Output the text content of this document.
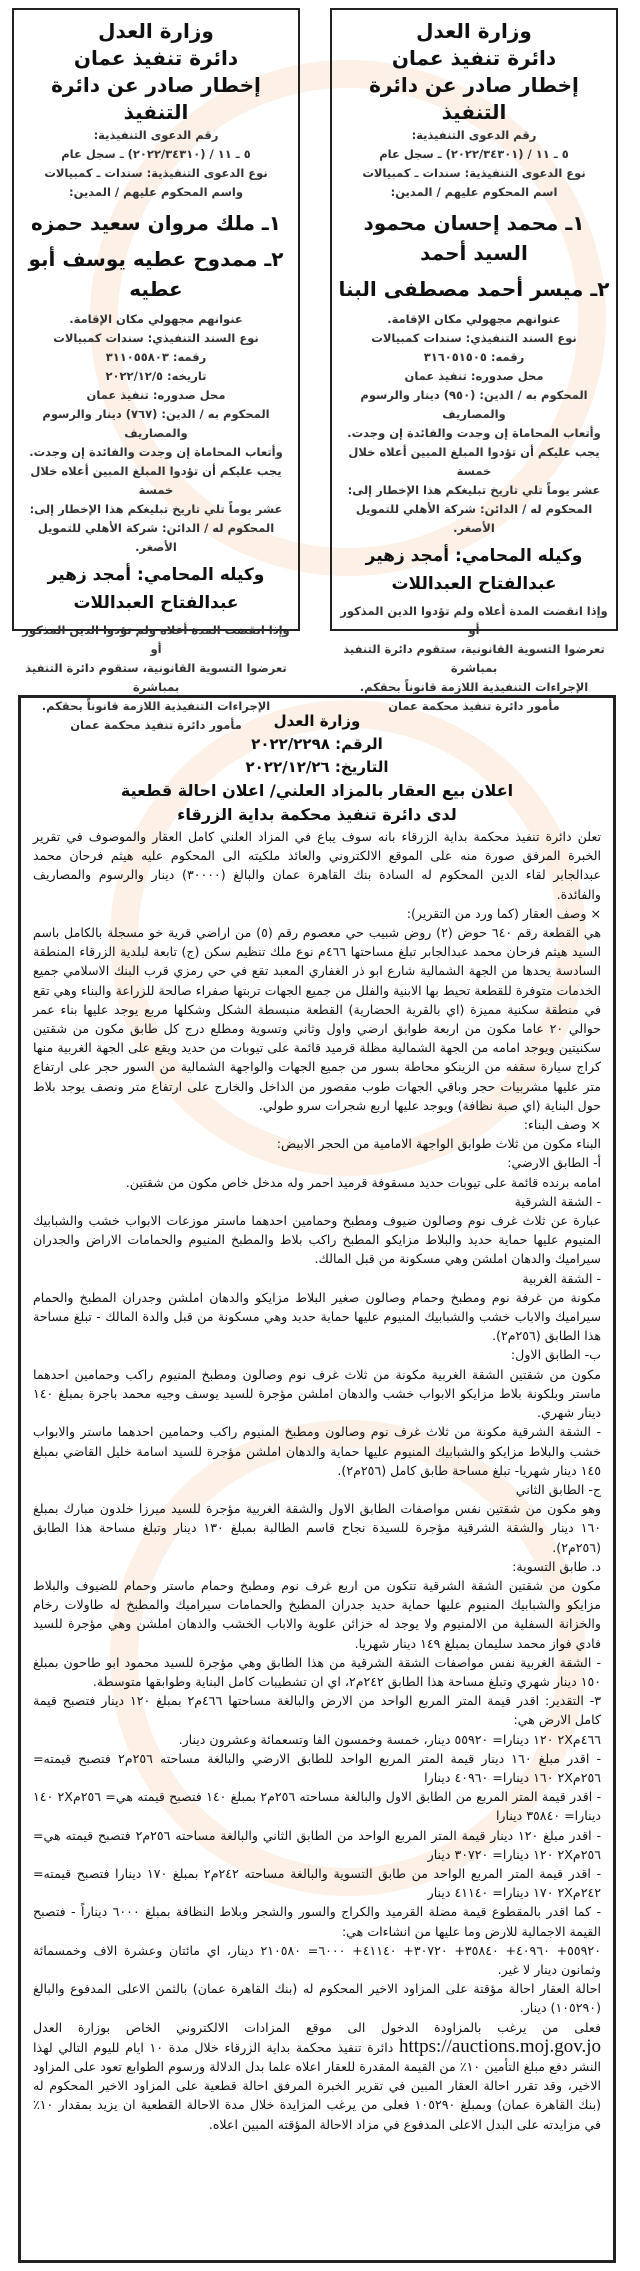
وزارة العدل
دائرة تنفيذ عمان
إخطار صادر عن دائرة التنفيذ
رقم الدعوى التنفيذية:
٥ ـ ١١ / (٢٠٢٢/٣٤٣٠١) ـ سجل عام
نوع الدعوى التنفيذية: سندات ـ كمبيالات
اسم المحكوم عليهم / المدين:
١ـ محمد إحسان محمود السيد أحمد
٢ـ ميسر أحمد مصطفى البنا
عنوانهم مجهولي مكان الإقامة.
نوع السند التنفيذي: سندات كمبيالات
رقمه: ٣١٦٠٥١٥٠٥
محل صدوره: تنفيذ عمان
المحكوم به / الدين: (٩٥٠) دينار والرسوم والمصاريف
وأتعاب المحاماة إن وجدت والفائدة إن وجدت.
يجب عليكم أن تؤدوا المبلغ المبين أعلاه خلال خمسة
عشر يوماً تلي تاريخ تبليغكم هذا الإخطار إلى:
المحكوم له / الدائن: شركة الأهلي للتمويل الأصغر.
وكيله المحامي: أمجد زهير عبدالفتاح العبداللات
وإذا انقضت المدة أعلاه ولم تؤدوا الدين المذكور أو
تعرضوا التسوية القانونية، ستقوم دائرة التنفيذ بمباشرة
الإجراءات التنفيذية اللازمة قانوناً بحقكم.
مأمور دائرة تنفيذ محكمة عمان
وزارة العدل
دائرة تنفيذ عمان
إخطار صادر عن دائرة التنفيذ
رقم الدعوى التنفيذية:
٥ ـ ١١ / (٢٠٢٢/٣٤٣١٠) ـ سجل عام
نوع الدعوى التنفيذية: سندات ـ كمبيالات
واسم المحكوم عليهم / المدين:
١ـ ملك مروان سعيد حمزه
٢ـ ممدوح عطيه يوسف أبو عطيه
عنوانهم مجهولي مكان الإقامة.
نوع السند التنفيذي: سندات كمبيالات
رقمه: ٣١١٠٥٥٨٠٣
تاريخه: ٢٠٢٢/١٢/٥
محل صدوره: تنفيذ عمان
المحكوم به / الدين: (٧٦٧) دينار والرسوم والمصاريف
وأتعاب المحاماة إن وجدت والفائدة إن وجدت.
يجب عليكم أن تؤدوا المبلغ المبين أعلاه خلال خمسة
عشر يوماً تلي تاريخ تبليغكم هذا الإخطار إلى:
المحكوم له / الدائن: شركة الأهلي للتمويل الأصغر.
وكيله المحامي: أمجد زهير عبدالفتاح العبداللات
وإذا انقضت المدة أعلاه ولم تؤدوا الدين المذكور أو
تعرضوا التسوية القانونية، ستقوم دائرة التنفيذ بمباشرة
الإجراءات التنفيذية اللازمة قانوناً بحقكم.
مأمور دائرة تنفيذ محكمة عمان	وزارة العدل
الرقم: ٢٠٢٢/٢٢٩٨
التاريخ: ٢٠٢٢/١٢/٢٦
اعلان بيع العقار بالمزاد العلني/ اعلان احالة قطعية
لدى دائرة تنفيذ محكمة بداية الزرقاء

تعلن دائرة تنفيذ محكمة بداية الزرقاء بانه سوف يباع في المزاد العلني كامل العقار والموصوف في تقرير الخبرة المرفق صورة منه على الموقع الالكتروني والعائد ملكيته الى المحكوم عليه هيثم فرحان محمد عبدالجابر لقاء الدين المحكوم له السادة بنك القاهرة عمان والبالغ (٣٠٠٠٠) دينار والرسوم والمصاريف والفائدة.

× وصف العقار (كما ورد من التقرير):

هي القطعة رقم ٦٤٠ حوض (٢) روض شبيب حي معصوم رقم (٥) من اراضي قرية خو مسجلة بالكامل باسم السيد هيثم فرحان محمد عبدالجابر تبلغ مساحتها ٤٦٦م نوع ملك تنظيم سكن (ج) تابعة لبلدية الزرقاء المنطقة السادسة يحدها من الجهة الشمالية شارع ابو ذر الغفاري المعبد تقع في حي رمزي قرب البنك الاسلامي جميع الخدمات متوفرة للقطعة تحيط بها الابنية والفلل من جميع الجهات تربتها صفراء صالحة للزراعة والبناء وهي تقع في منطقة سكنية مميزة (اي بالقرية الحضارية) القطعة منبسطة الشكل وشكلها مربع يوجد عليها بناء عمر حوالي ٢٠ عاما مكون من اربعة طوابق ارضي واول وثاني وتسوية ومطلع درج كل طابق مكون من شقتين سكنيتين ويوجد امامه من الجهة الشمالية مظلة قرميد قائمة على تيوبات من حديد ويقع على الجهة الغربية منها كراج سيارة سقفه من الزينكو محاطة بسور من جميع الجهات والواجهة الشمالية من السور حجر على ارتفاع متر عليها مشربيات حجر وباقي الجهات طوب مقصور من الداخل والخارج على ارتفاع متر ونصف يوجد بلاط حول البناية (اي صبة نظافة) ويوجد عليها اربع شجرات سرو طولي.

× وصف البناء:

البناء مكون من ثلاث طوابق الواجهة الامامية من الحجر الابيض:

أ- الطابق الارضي:

امامه برنده قائمة على تيوبات حديد مسقوفة قرميد احمر وله مدخل خاص مكون من شقتين.

- الشقة الشرقية

عبارة عن ثلاث غرف نوم وصالون ضيوف ومطبخ وحمامين احدهما ماستر موزعات الابواب خشب والشبابيك المنيوم عليها حماية حديد والبلاط مزايكو المطبخ راكب بلاط والمطبخ المنيوم والحمامات الاراض والجدران سيراميك والدهان املشن وهي مسكونة من قبل المالك.

- الشقة الغربية

مكونة من غرفة نوم ومطبخ وحمام وصالون صغير البلاط مزايكو والدهان املشن وجدران المطبخ والحمام سيراميك والاباب خشب والشبابيك المنيوم عليها حماية حديد وهي مسكونة من قبل والدة المالك - تبلغ مساحة هذا الطابق (٢٥٦م٢).

ب- الطابق الاول:

مكون من شقتين الشقة الغربية مكونة من ثلاث غرف نوم وصالون ومطبخ المنيوم راكب وحمامين احدهما ماستر وبلكونة بلاط مزايكو الابواب خشب والدهان املشن مؤجرة للسيد يوسف وجيه محمد باجرة بمبلغ ١٤٠ دينار شهري.

- الشقة الشرقية مكونة من ثلاث غرف نوم وصالون ومطبخ المنيوم راكب وحمامين احدهما ماستر والابواب خشب والبلاط مزايكو والشبابيك المنيوم عليها حماية والدهان املشن مؤجرة للسيد اسامة خليل القاضي بمبلغ ١٤٥ دينار شهريا- تبلغ مساحة طابق كامل (٢٥٦م٢).

ج- الطابق الثاني

وهو مكون من شقتين نفس مواصفات الطابق الاول والشقة الغربية مؤجرة للسيد ميرزا خلدون مبارك بمبلغ ١٦٠ دينار والشقة الشرقية مؤجرة للسيدة نجاح قاسم الطالبة بمبلغ ١٣٠ دينار وتبلغ مساحة هذا الطابق (٢٥٦م٢).

د. طابق التسوية:

مكون من شقتين الشقة الشرقية تتكون من اربع غرف نوم ومطبخ وحمام ماستر وحمام للضيوف والبلاط مزايكو والشبابيك المنيوم عليها حماية حديد جدران المطبخ والحمامات سيراميك والمطبخ له طاولات رخام والخزانة السفلية من الالمنيوم ولا يوجد له خزائن علوية والاباب الخشب والدهان املشن وهي مؤجرة للسيد فادي فواز محمد سليمان بمبلغ ١٤٩ دينار شهريا.

- الشقة الغربية نفس مواصفات الشقة الشرقية من هذا الطابق وهي مؤجرة للسيد محمود ابو طاحون بمبلغ ١٥٠ دينار شهري وتبلغ مساحة هذا الطابق ٢٤٢م٢، اي ان تشطيبات كامل البناية وطوابقها متوسطة.

٣- التقدير: اقدر قيمة المتر المربع الواحد من الارض والبالغة مساحتها ٤٦٦م٢ بمبلغ ١٢٠ دينار فتصبح قيمة كامل الارض هي:

٤٦٦م٢X ١٢٠ دينارا= ٥٥٩٢٠ دينار، خمسة وخمسون الفا وتسعمائة وعشرون دينار.

- اقدر مبلغ ١٦٠ دينار قيمة المتر المربع الواحد للطابق الارضي والبالغة مساحته ٢٥٦م٢ فتصبح قيمته= ٢٥٦م٢X ١٦٠ دينارا= ٤٠٩٦٠ دينارا

- اقدر قيمة المتر المربع من الطابق الاول والبالغة مساحته ٢٥٦م٢ بمبلغ ١٤٠ فتصبح قيمته هي= ٢٥٦م٢X ١٤٠ دينارا= ٣٥٨٤٠ دينارا

- اقدر مبلغ ١٢٠ دينار قيمة المتر المربع الواحد من الطابق الثاني والبالغة مساحته ٢٥٦م٢ فتصبح قيمته هي= ٢٥٦م٢X ١٢٠ دينارا= ٣٠٧٢٠ دينار

- اقدر قيمة المتر المربع الواحد من طابق التسوية والبالغة مساحته ٢٤٢م٢ بمبلغ ١٧٠ دينارا فتصبح قيمته= ٢٤٢م٢X ١٧٠ دينارا= ٤١١٤٠ دينار

- كما اقدر بالمقطوع قيمة مضلة القرميد والكراج والسور والشجر وبلاط النظافة بمبلغ ٦٠٠٠ ديناراً - فتصبح القيمة الاجمالية للارض وما عليها من انشاءات هي:

٥٥٩٢٠+ ٤٠٩٦٠+ ٣٥٨٤٠+ ٣٠٧٢٠+ ٤١١٤٠+ ٦٠٠٠= ٢١٠٥٨٠ دينار، اي مائتان وعشرة الاف وخمسمائة وثمانون دينار لا غير.

احالة العقار احالة مؤقتة على المزاود الاخير المحكوم له (بنك القاهرة عمان) بالثمن الاعلى المدفوع والبالغ (١٠٥٢٩٠) دينار.

فعلى من يرغب بالمزاودة الدخول الى موقع المزادات الالكتروني الخاص بوزارة العدل https://auctions.moj.gov.jo دائرة تنفيذ محكمة بداية الزرقاء خلال مدة ١٠ ايام لليوم التالي لهذا النشر دفع مبلغ التأمين ١٠٪ من القيمة المقدرة للعقار اعلاه علما بدل الدلالة ورسوم الطوابع تعود على المزاود الاخير، وقد تقرر احالة العقار المبين في تقرير الخبرة المرفق احالة قطعية على المزاود الاخير المحكوم له (بنك القاهرة عمان) وبمبلغ ١٠٥٢٩٠ فعلى من يرغب المزايدة خلال مدة الاحالة القطعية ان يزيد بمقدار ١٠٪ في مزايدته على البدل الاعلى المدفوع في مزاد الاحالة المؤقته المبين اعلاه.
